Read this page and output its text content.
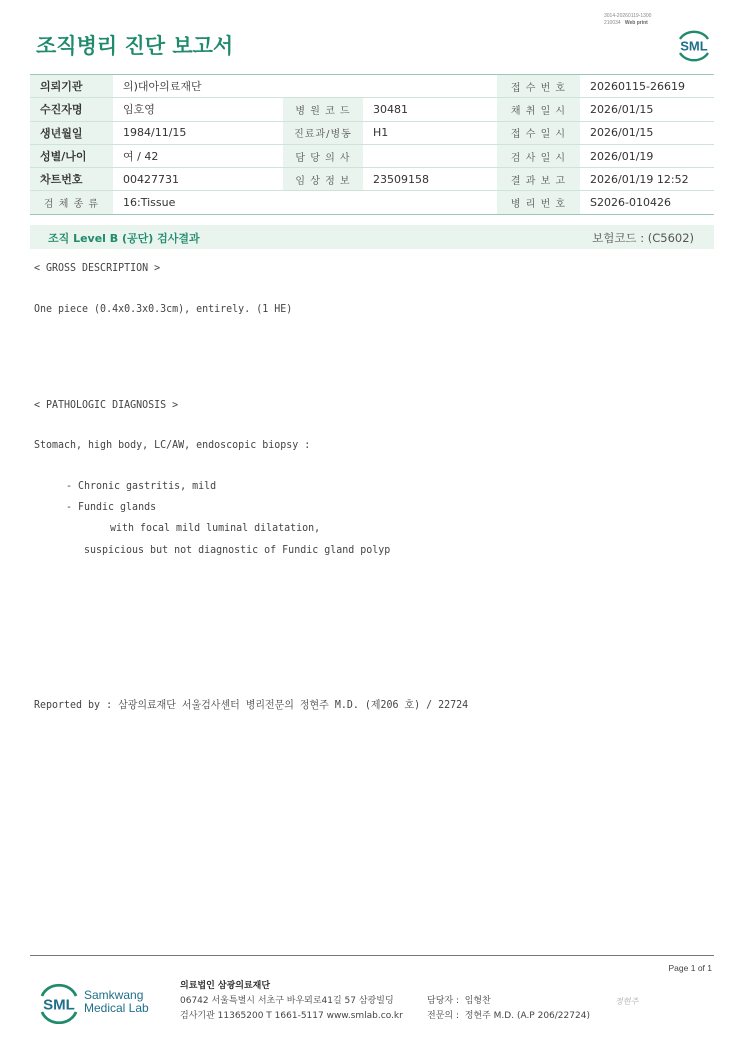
3014-20260119-1300
210034 Web print
조직병리 진단 보고서	SML
의뢰기관	의)대아의료재단			접 수 번 호	20260115-26619
수진자명	임호영	병 원 코 드	30481	채 취 일 시	2026/01/15
생년월일	1984/11/15	진료과/병동	H1	접 수 일 시	2026/01/15
성별/나이	여 / 42	담 당 의 사		검 사 일 시	2026/01/19
차트번호	00427731	임 상 정 보	23509158	결 과 보 고	2026/01/19 12:52
검 체 종 류	16:Tissue			병 리 번 호	S2026-010426
조직 Level B (공단) 검사결과	보험코드 : (C5602)
< GROSS DESCRIPTION >
One piece (0.4x0.3x0.3cm), entirely. (1 HE)
< PATHOLOGIC DIAGNOSIS >
Stomach, high body, LC/AW, endoscopic biopsy :
- Chronic gastritis, mild
- Fundic glands
with focal mild luminal dilatation,
suspicious but not diagnostic of Fundic gland polyp
Reported by : 삼광의료재단 서울검사센터 병리전문의 정현주 M.D. (제206 호) / 22724
Page 1 of 1
SML
Samkwang
Medical Lab
의료법인 삼광의료재단
06742 서울특별시 서초구 바우뫼로41길 57 삼광빌딩
검사기관 11365200 T 1661-5117 www.smlab.co.kr
담당자 : 임형찬
전문의 : 정현주 M.D. (A.P 206/22724)
정현주
